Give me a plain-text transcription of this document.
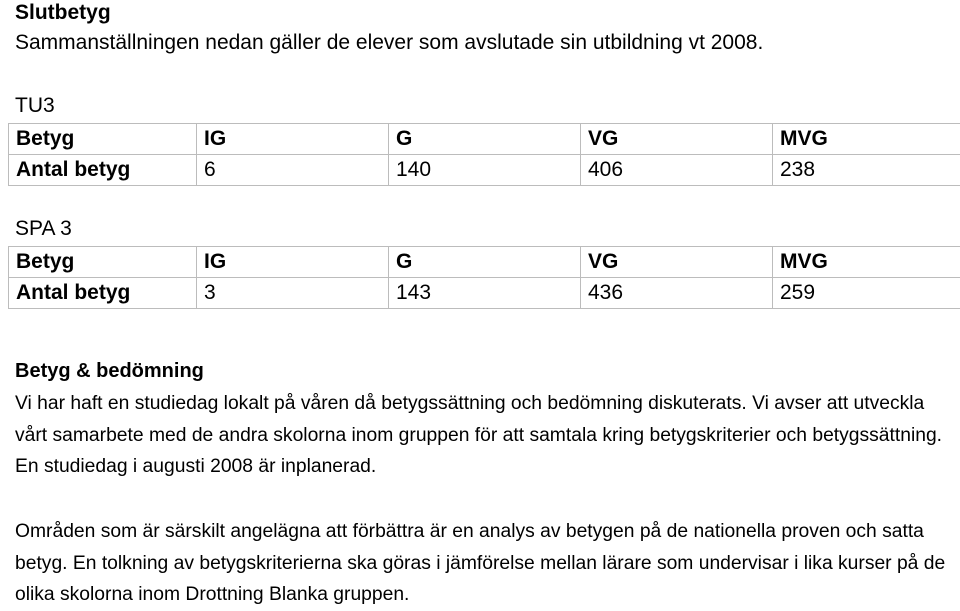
Slutbetyg
Sammanställningen nedan gäller de elever som avslutade sin utbildning vt 2008.
TU3
Betyg	IG	G	VG	MVG
Antal betyg	6	140	406	238
SPA 3
Betyg	IG	G	VG	MVG
Antal betyg	3	143	436	259
Betyg & bedömning
Vi har haft en studiedag lokalt på våren då betygssättning och bedömning diskuterats. Vi avser att utveckla vårt samarbete med de andra skolorna inom gruppen för att samtala kring betygskriterier och betygssättning. En studiedag i augusti 2008 är inplanerad.
Områden som är särskilt angelägna att förbättra är en analys av betygen på de nationella proven och satta betyg. En tolkning av betygskriterierna ska göras i jämförelse mellan lärare som undervisar i lika kurser på de olika skolorna inom Drottning Blanka gruppen.
